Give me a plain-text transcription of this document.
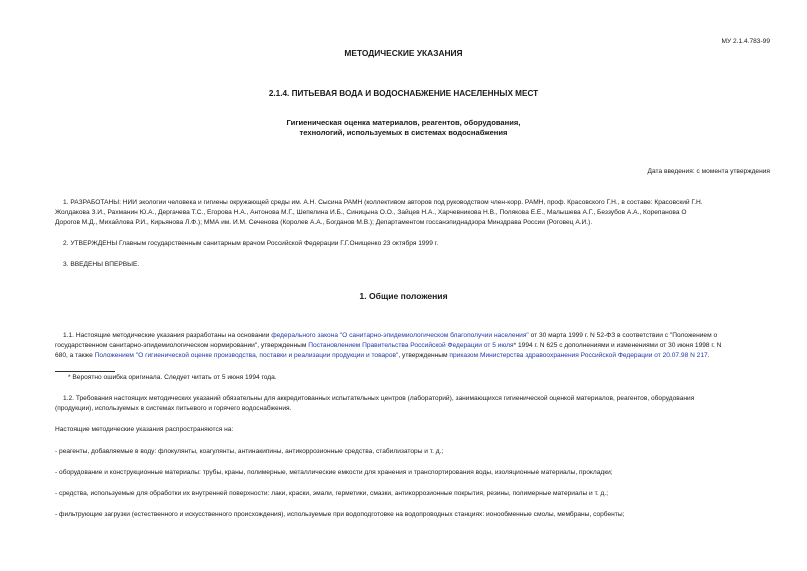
МУ 2.1.4.783-99
МЕТОДИЧЕСКИЕ УКАЗАНИЯ
2.1.4. ПИТЬЕВАЯ ВОДА И ВОДОСНАБЖЕНИЕ НАСЕЛЕННЫХ МЕСТ
Гигиеническая оценка материалов, реагентов, оборудования,
технологий, используемых в системах водоснабжения
Дата введения: с момента утверждения
1. РАЗРАБОТАНЫ: НИИ экологии человека и гигиены окружающей среды им. А.Н. Сысина РАМН (коллективом авторов под руководством член-корр. РАМН, проф. Красовского Г.Н., в составе: Красовский Г.Н.
Жолдакова З.И., Рахманин Ю.А., Дергачева Т.С., Егорова Н.А., Антонова М.Г., Шепелина И.Б., Синицына О.О., Зайцев Н.А., Харчевникова Н.В., Полякова Е.Е., Малышева А.Г., Беззубов А.А., Корепанова О
Дорогов М.Д., Михайлова Р.И., Кирьянова Л.Ф.); ММА им. И.М. Сеченова (Королев А.А., Богданов М.В.); Департаментом госсанэпиднадзора Минздрава России (Роговец А.И.).
2. УТВЕРЖДЕНЫ Главным государственным санитарным врачом Российской Федерации Г.Г.Онищенко 23 октября 1999 г.
3. ВВЕДЕНЫ ВПЕРВЫЕ.
1. Общие положения
1.1. Настоящие методические указания разработаны на основании федерального закона "О санитарно-эпидемиологическом благополучии населения" от 30 марта 1999 г. N 52-ФЗ в соответствии с "Положением о
государственном санитарно-эпидемиологическом нормировании", утвержденным Постановлением Правительства Российской Федерации от 5 июля* 1994 г. N 625 с дополнениями и изменениями от 30 июня 1998 г. N
680, а также Положением "О гигиенической оценке производства, поставки и реализации продукции и товаров", утвержденным приказом Министерства здравоохранения Российской Федерации от 20.07.98 N 217.
* Вероятно ошибка оригинала. Следует читать от 5 июня 1994 года.
1.2. Требования настоящих методических указаний обязательны для аккредитованных испытательных центров (лабораторий), занимающихся гигиенической оценкой материалов, реагентов, оборудования
(продукции), используемых в системах питьевого и горячего водоснабжения.
Настоящие методические указания распространяются на:
- реагенты, добавляемые в воду: флокулянты, коагулянты, антинакипины, антикоррозионные средства, стабилизаторы и т. д.;
- оборудование и конструкционные материалы: трубы, краны, полимерные, металлические емкости для хранения и транспортирования воды, изоляционные материалы, прокладки;
- средства, используемые для обработки их внутренней поверхности: лаки, краски, эмали, герметики, смазки, антикоррозионные покрытия, резины, полимерные материалы и т. д.;
- фильтрующие загрузки (естественного и искусственного происхождения), используемые при водоподготовке на водопроводных станциях: ионообменные смолы, мембраны, сорбенты;
